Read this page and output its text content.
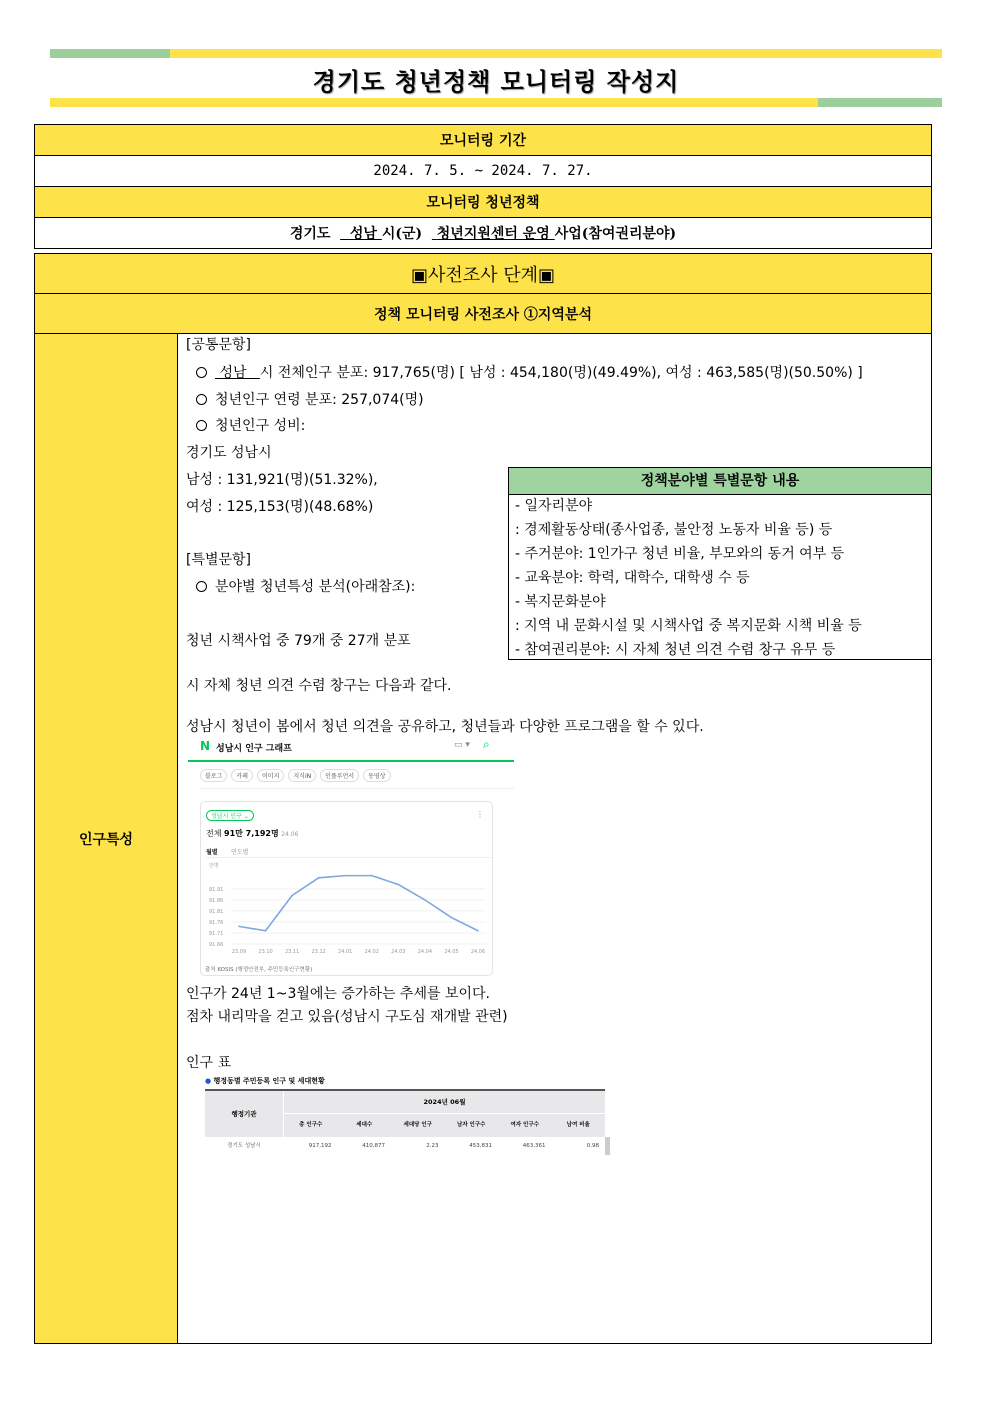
경기도 청년정책 모니터링 작성지
모니터링 기간
2024. 7. 5. ~ 2024. 7. 27.
모니터링 청년정책
경기도 성남 시(군) 청년지원센터 운영 사업(참여권리분야)
▣사전조사 단계▣
정책 모니터링 사전조사 ①지역분석
인구특성	
[공통문항]
성남 시 전체인구 분포: 917,765(명) [ 남성 : 454,180(명)(49.49%), 여성 : 463,585(명)(50.50%) ]
청년인구 연령 분포: 257,074(명)
청년인구 성비:
경기도 성남시
남성 : 131,921(명)(51.32%),
여성 : 125,153(명)(48.68%)
[특별문항]
분야별 청년특성 분석(아래참조):
청년 시책사업 중 79개 중 27개 분포
시 자체 청년 의견 수렴 창구는 다음과 같다.
성남시 청년이 봄에서 청년 의견을 공유하고, 청년들과 다양한 프로그램을 할 수 있다.
인구가 24년 1~3월에는 증가하는 추세를 보이다.
점차 내리막을 걷고 있음(성남시 구도심 재개발 관련)
인구 표
정책분야별 특별문항 내용
- 일자리분야
: 경제활동상태(종사업종, 불안정 노동자 비율 등) 등
- 주거분야: 1인가구 청년 비율, 부모와의 동거 여부 등
- 교육분야: 학력, 대학수, 대학생 수 등
- 복지문화분야
: 지역 내 문화시설 및 시책사업 중 복지문화 시책 비율 등
- 참여권리분야: 시 자체 청년 의견 수렴 창구 유무 등
N 성남시 인구 그래프	▭ ▾ ⌕
블로그	카페	이미지	지식iN	인플루언서	동영상
성남시 인구 ⌄	⋮
전체 91만 7,192명 24.06
월별 연도별
만명
91.91
91.86
91.81
91.76
91.71
91.66
23.09 23.10 23.11 23.12 24.01 24.02 24.03 24.04 24.05 24.06
출처 KOSIS (행정안전부, 주민등록인구현황)
● 행정동별 주민등록 인구 및 세대현황
행정기관
2024년 06월
총 인구수	세대수	세대당 인구	남자 인구수	여자 인구수	남여 비율
경기도 성남시	917,192	410,877	2.23	453,831	463,361	0.98
